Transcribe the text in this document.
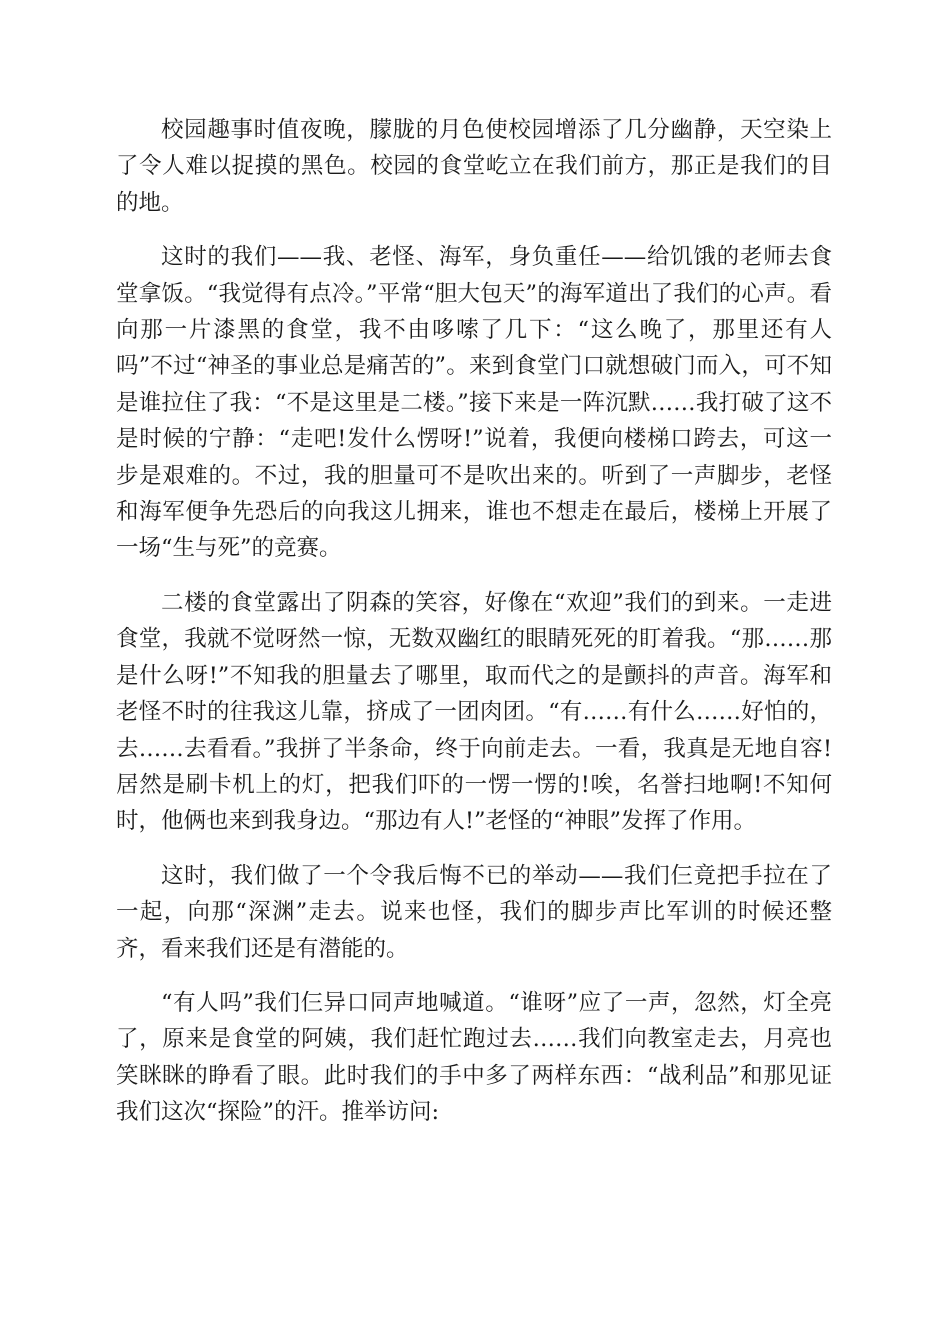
校园趣事时值夜晚，朦胧的月色使校园增添了几分幽静，天空染上了令人难以捉摸的黑色。校园的食堂屹立在我们前方，那正是我们的目的地。

这时的我们——我、老怪、海军，身负重任——给饥饿的老师去食堂拿饭。“我觉得有点冷。”平常“胆大包天”的海军道出了我们的心声。看向那一片漆黑的食堂，我不由哆嗦了几下：“这么晚了，那里还有人吗”不过“神圣的事业总是痛苦的”。来到食堂门口就想破门而入，可不知是谁拉住了我：“不是这里是二楼。”接下来是一阵沉默……我打破了这不是时候的宁静：“走吧!发什么愣呀!”说着，我便向楼梯口跨去，可这一步是艰难的。不过，我的胆量可不是吹出来的。听到了一声脚步，老怪和海军便争先恐后的向我这儿拥来，谁也不想走在最后，楼梯上开展了一场“生与死”的竞赛。

二楼的食堂露出了阴森的笑容，好像在“欢迎”我们的到来。一走进食堂，我就不觉呀然一惊，无数双幽红的眼睛死死的盯着我。“那……那是什么呀!”不知我的胆量去了哪里，取而代之的是颤抖的声音。海军和老怪不时的往我这儿靠，挤成了一团肉团。“有……有什么……好怕的，去……去看看。”我拼了半条命，终于向前走去。一看，我真是无地自容!居然是刷卡机上的灯，把我们吓的一愣一愣的!唉，名誉扫地啊!不知何时，他俩也来到我身边。“那边有人!”老怪的“神眼”发挥了作用。

这时，我们做了一个令我后悔不已的举动——我们仨竟把手拉在了一起，向那“深渊”走去。说来也怪，我们的脚步声比军训的时候还整齐，看来我们还是有潜能的。

“有人吗”我们仨异口同声地喊道。“谁呀”应了一声，忽然，灯全亮了，原来是食堂的阿姨，我们赶忙跑过去……我们向教室走去，月亮也笑眯眯的睁看了眼。此时我们的手中多了两样东西：“战利品”和那见证我们这次“探险”的汗。推举访问:
